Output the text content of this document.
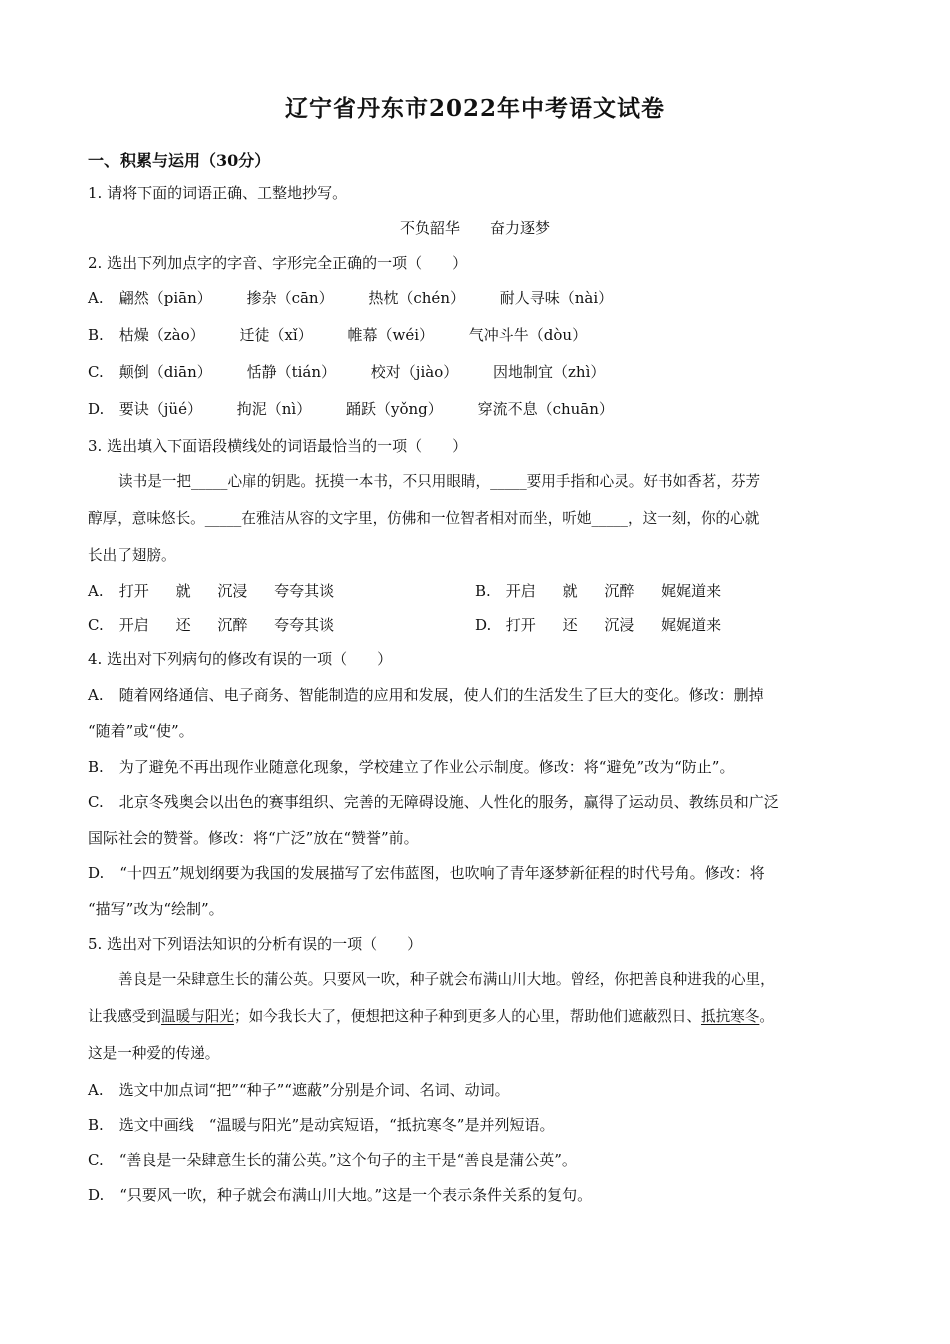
辽宁省丹东市2022年中考语文试卷
一、积累与运用（30分）
1. 请将下面的词语正确、工整地抄写。
不负韶华　　奋力逐梦
2. 选出下列加点字的字音、字形完全正确的一项（　　）
A. 翩然（piān） 掺杂（cān） 热枕（chén） 耐人寻味（nài）
B. 枯燥（zào） 迁徒（xǐ） 帷幕（wéi） 气冲斗牛（dòu）
C. 颠倒（diān） 恬静（tián） 校对（jiào） 因地制宜（zhì）
D. 要诀（jüé） 拘泥（nì） 踊跃（yǒng） 穿流不息（chuān）
3. 选出填入下面语段横线处的词语最恰当的一项（　　）
读书是一把_____心扉的钥匙。抚摸一本书，不只用眼睛，_____要用手指和心灵。好书如香茗，芬芳
醇厚，意味悠长。_____在雅洁从容的文字里，仿佛和一位智者相对而坐，听她_____，这一刻，你的心就
长出了翅膀。
A. 打开 就 沉浸 夸夸其谈	B. 开启 就 沉醉 娓娓道来
C. 开启 还 沉醉 夸夸其谈	D. 打开 还 沉浸 娓娓道来
4. 选出对下列病句的修改有误的一项（　　）
A.　随着网络通信、电子商务、智能制造的应用和发展，使人们的生活发生了巨大的变化。修改：删掉
“随着”或“使”。
B.　为了避免不再出现作业随意化现象，学校建立了作业公示制度。修改：将“避免”改为“防止”。
C.　北京冬残奥会以出色的赛事组织、完善的无障碍设施、人性化的服务，赢得了运动员、教练员和广泛
国际社会的赞誉。修改：将“广泛”放在“赞誉”前。
D.　“十四五”规划纲要为我国的发展描写了宏伟蓝图，也吹响了青年逐梦新征程的时代号角。修改：将
“描写”改为“绘制”。
5. 选出对下列语法知识的分析有误的一项（　　）
善良是一朵肆意生长的蒲公英。只要风一吹，种子就会布满山川大地。曾经，你把善良种进我的心里，
让我感受到温暖与阳光；如今我长大了，便想把这种子种到更多人的心里，帮助他们遮蔽烈日、抵抗寒冬。
这是一种爱的传递。
A.　选文中加点词“把”“种子”“遮蔽”分别是介词、名词、动词。
B.　选文中画线　“温暖与阳光”是动宾短语，“抵抗寒冬”是并列短语。
C.　“善良是一朵肆意生长的蒲公英。”这个句子的主干是“善良是蒲公英”。
D.　“只要风一吹，种子就会布满山川大地。”这是一个表示条件关系的复句。
